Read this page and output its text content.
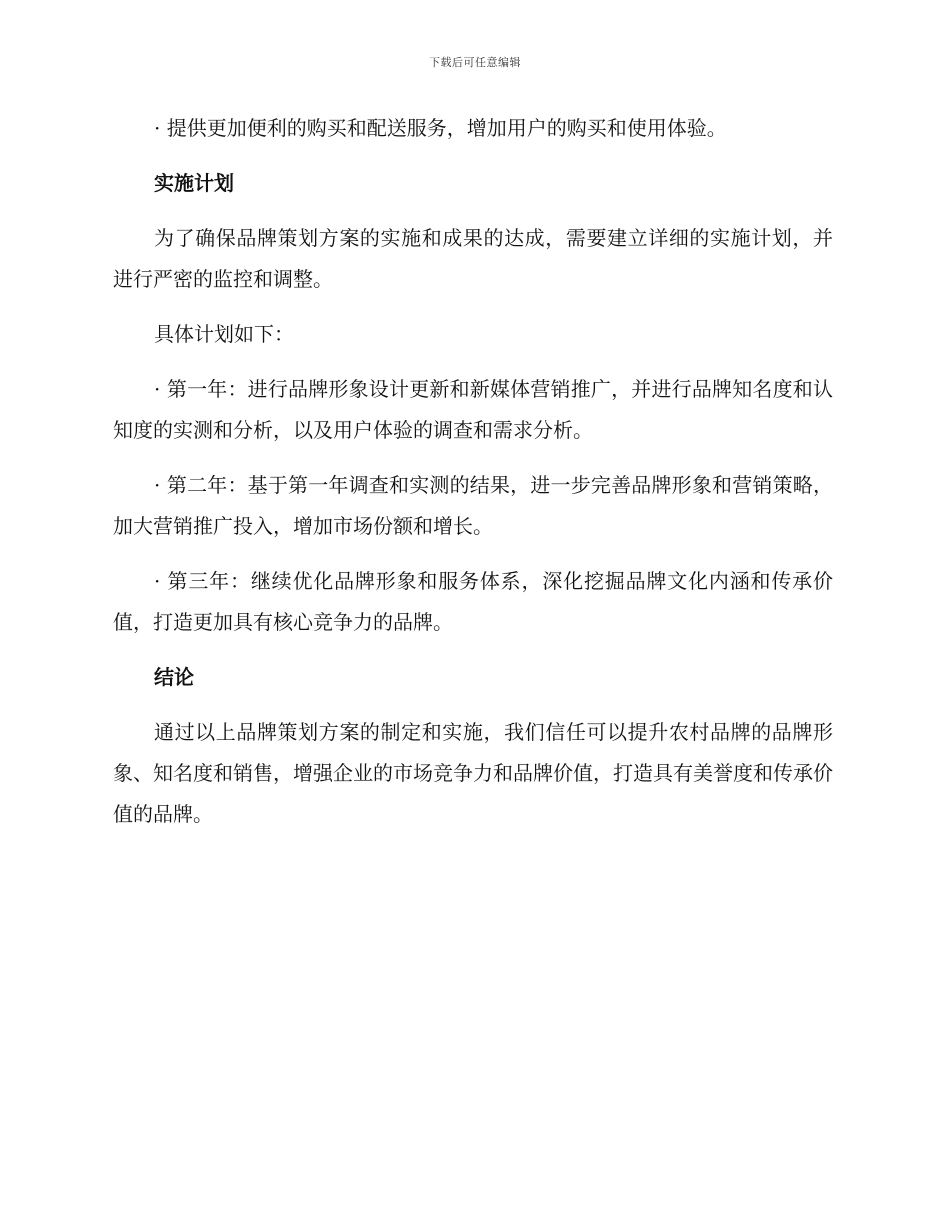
下载后可任意编辑

· 提供更加便利的购买和配送服务，增加用户的购买和使用体验。

实施计划

为了确保品牌策划方案的实施和成果的达成，需要建立详细的实施计划，并进行严密的监控和调整。

具体计划如下：

· 第一年：进行品牌形象设计更新和新媒体营销推广，并进行品牌知名度和认知度的实测和分析，以及用户体验的调查和需求分析。

· 第二年：基于第一年调查和实测的结果，进一步完善品牌形象和营销策略，加大营销推广投入，增加市场份额和增长。

· 第三年：继续优化品牌形象和服务体系，深化挖掘品牌文化内涵和传承价值，打造更加具有核心竞争力的品牌。

结论

通过以上品牌策划方案的制定和实施，我们信任可以提升农村品牌的品牌形象、知名度和销售，增强企业的市场竞争力和品牌价值，打造具有美誉度和传承价值的品牌。
